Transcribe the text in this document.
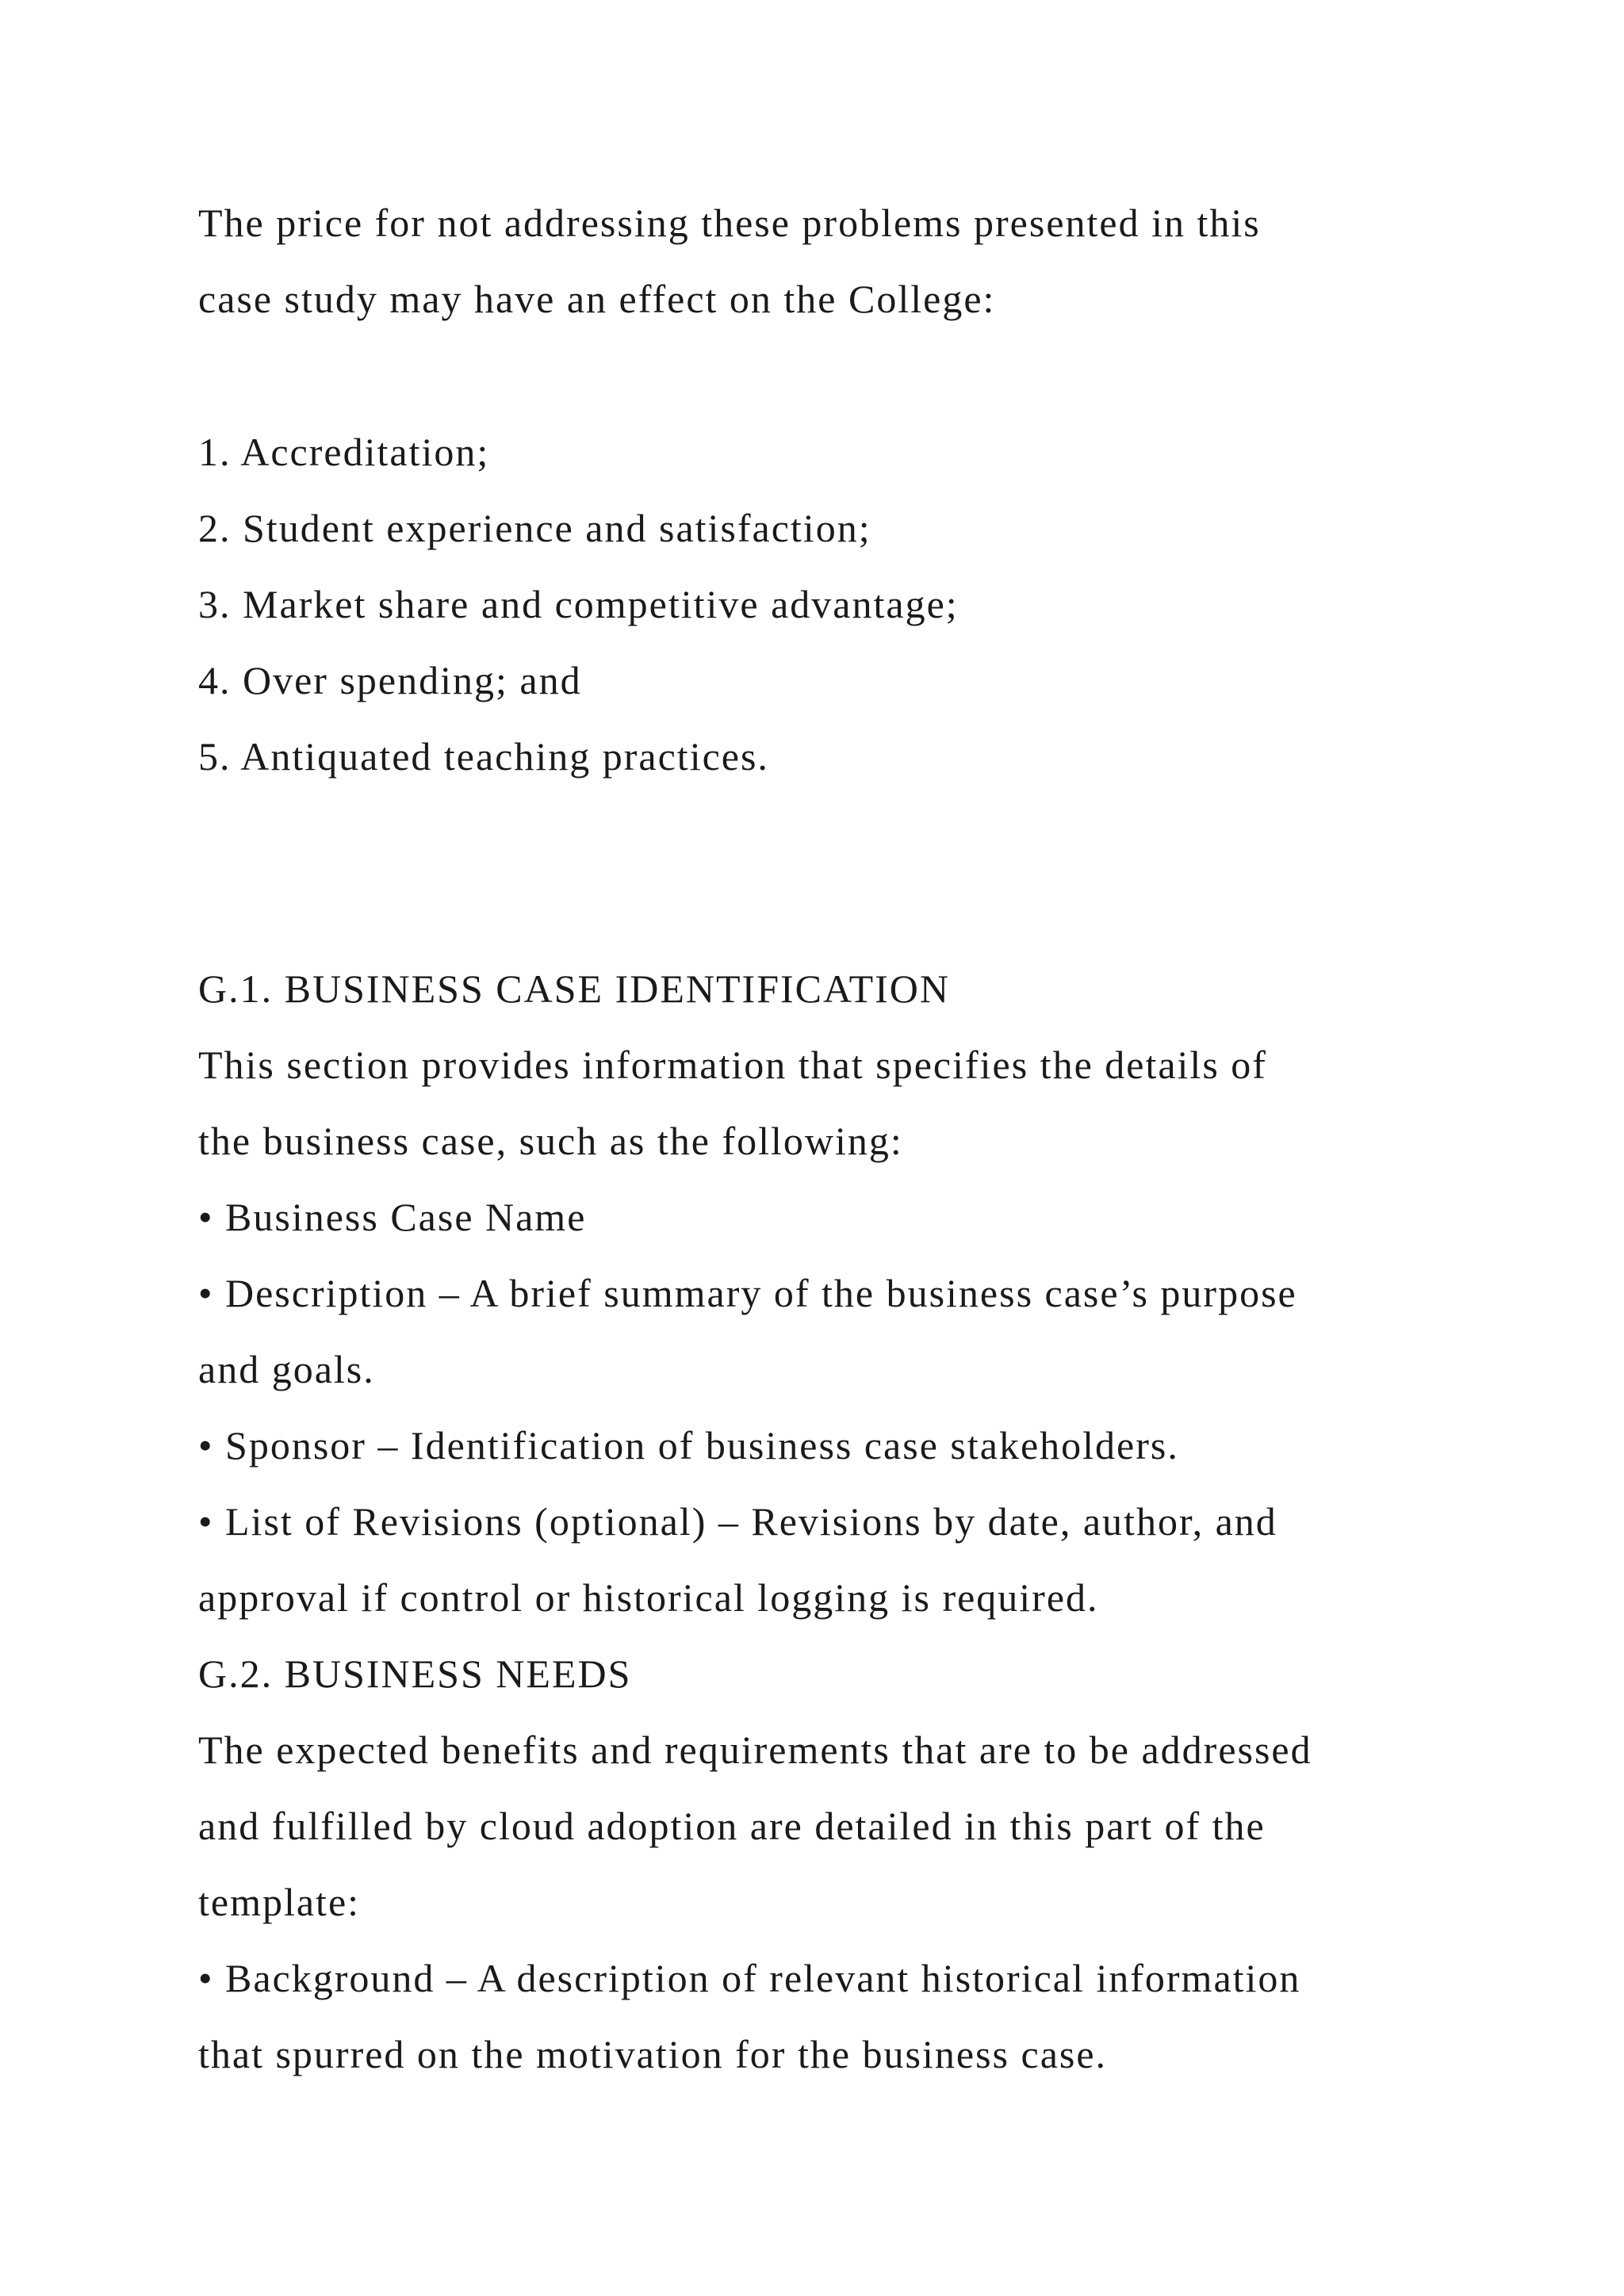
The price for not addressing these problems presented in this

case study may have an effect on the College:

1. Accreditation;

2. Student experience and satisfaction;

3. Market share and competitive advantage;

4. Over spending; and

5. Antiquated teaching practices.

G.1. BUSINESS CASE IDENTIFICATION

This section provides information that specifies the details of

the business case, such as the following:

• Business Case Name

• Description – A brief summary of the business case’s purpose

and goals.

• Sponsor – Identification of business case stakeholders.

• List of Revisions (optional) – Revisions by date, author, and

approval if control or historical logging is required.

G.2. BUSINESS NEEDS

The expected benefits and requirements that are to be addressed

and fulfilled by cloud adoption are detailed in this part of the

template:

• Background – A description of relevant historical information

that spurred on the motivation for the business case.
